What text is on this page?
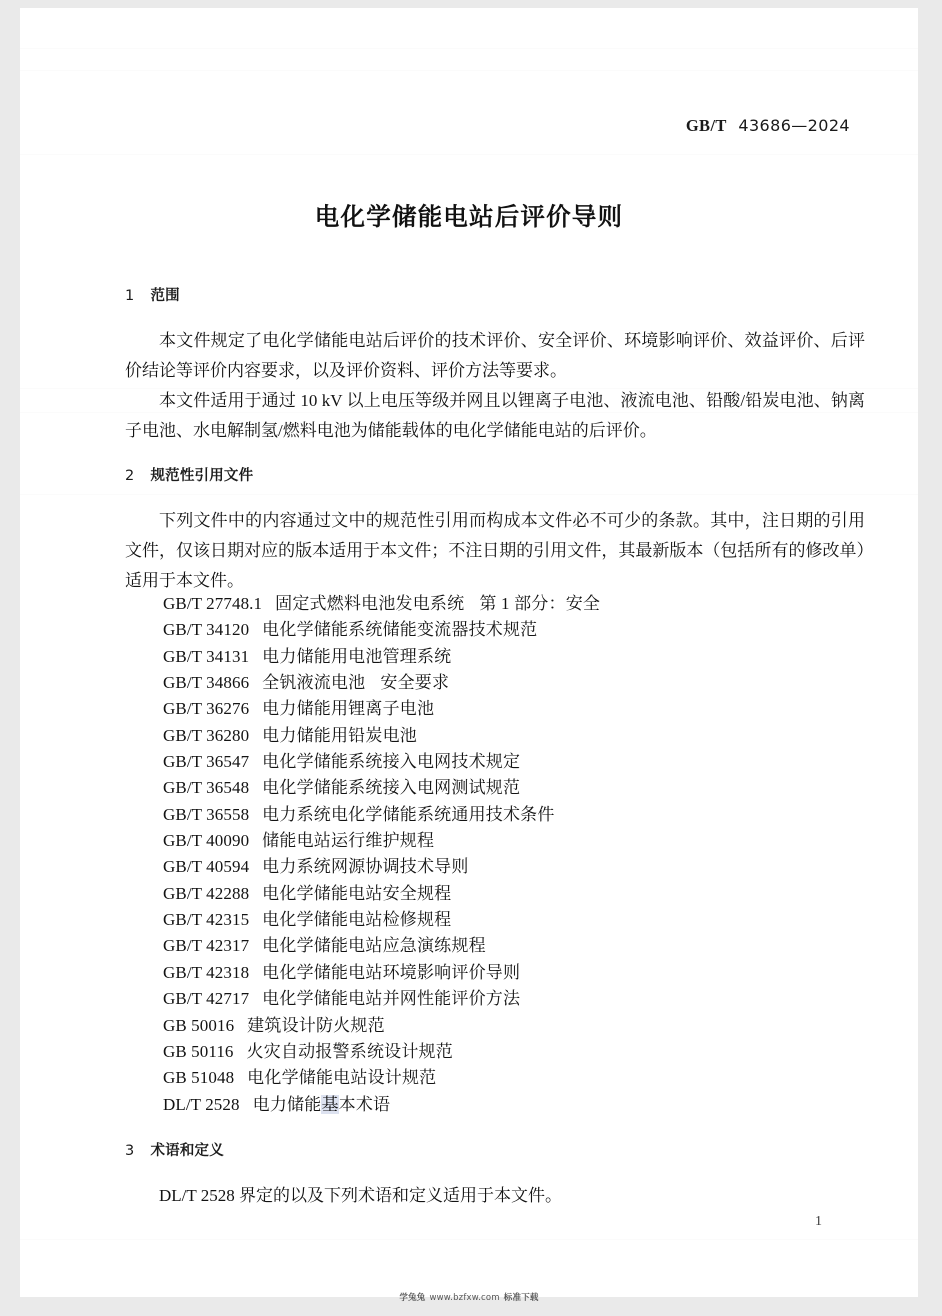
GB/T 43686—2024
电化学储能电站后评价导则
1 范围

本文件规定了电化学储能电站后评价的技术评价、安全评价、环境影响评价、效益评价、后评价结论等评价内容要求，以及评价资料、评价方法等要求。

本文件适用于通过 10 kV 以上电压等级并网且以锂离子电池、液流电池、铅酸/铅炭电池、钠离子电池、水电解制氢/燃料电池为储能载体的电化学储能电站的后评价。

2 规范性引用文件

下列文件中的内容通过文中的规范性引用而构成本文件必不可少的条款。其中，注日期的引用文件，仅该日期对应的版本适用于本文件；不注日期的引用文件，其最新版本（包括所有的修改单）适用于本文件。

GB/T 27748.1 固定式燃料电池发电系统 第 1 部分：安全
GB/T 34120 电化学储能系统储能变流器技术规范
GB/T 34131 电力储能用电池管理系统
GB/T 34866 全钒液流电池 安全要求
GB/T 36276 电力储能用锂离子电池
GB/T 36280 电力储能用铅炭电池
GB/T 36547 电化学储能系统接入电网技术规定
GB/T 36548 电化学储能系统接入电网测试规范
GB/T 36558 电力系统电化学储能系统通用技术条件
GB/T 40090 储能电站运行维护规程
GB/T 40594 电力系统网源协调技术导则
GB/T 42288 电化学储能电站安全规程
GB/T 42315 电化学储能电站检修规程
GB/T 42317 电化学储能电站应急演练规程
GB/T 42318 电化学储能电站环境影响评价导则
GB/T 42717 电化学储能电站并网性能评价方法
GB 50016 建筑设计防火规范
GB 50116 火灾自动报警系统设计规范
GB 51048 电化学储能电站设计规范
DL/T 2528 电力储能基本术语
3 术语和定义

DL/T 2528 界定的以及下列术语和定义适用于本文件。

1
学兔兔 www.bzfxw.com 标准下载
